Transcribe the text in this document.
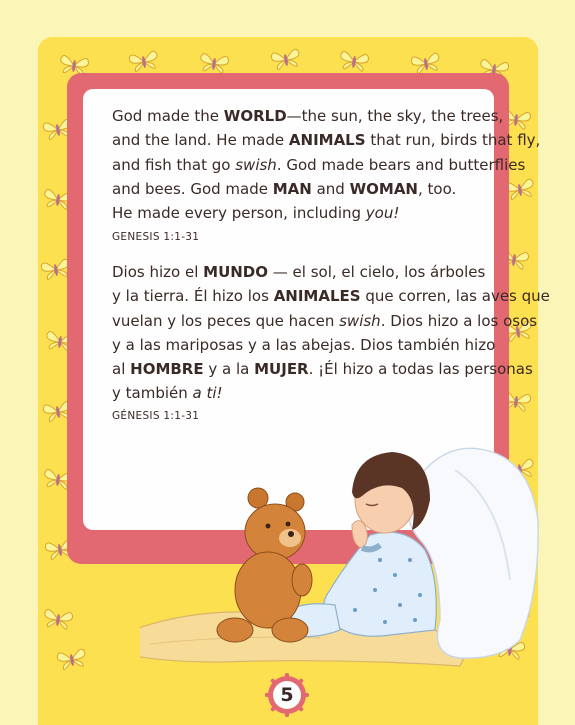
God made the WORLD—the sun, the sky, the trees,
and the land. He made ANIMALS that run, birds that fly,
and fish that go swish. God made bears and butterflies
and bees. God made MAN and WOMAN, too.
He made every person, including you!
GENESIS 1:1-31
Dios hizo el MUNDO — el sol, el cielo, los árboles
y la tierra. Él hizo los ANIMALES que corren, las aves que
vuelan y los peces que hacen swish. Dios hizo a los osos
y a las mariposas y a las abejas. Dios también hizo
al HOMBRE y a la MUJER. ¡Él hizo a todas las personas
y también a ti!
GÉNESIS 1:1-31
5
